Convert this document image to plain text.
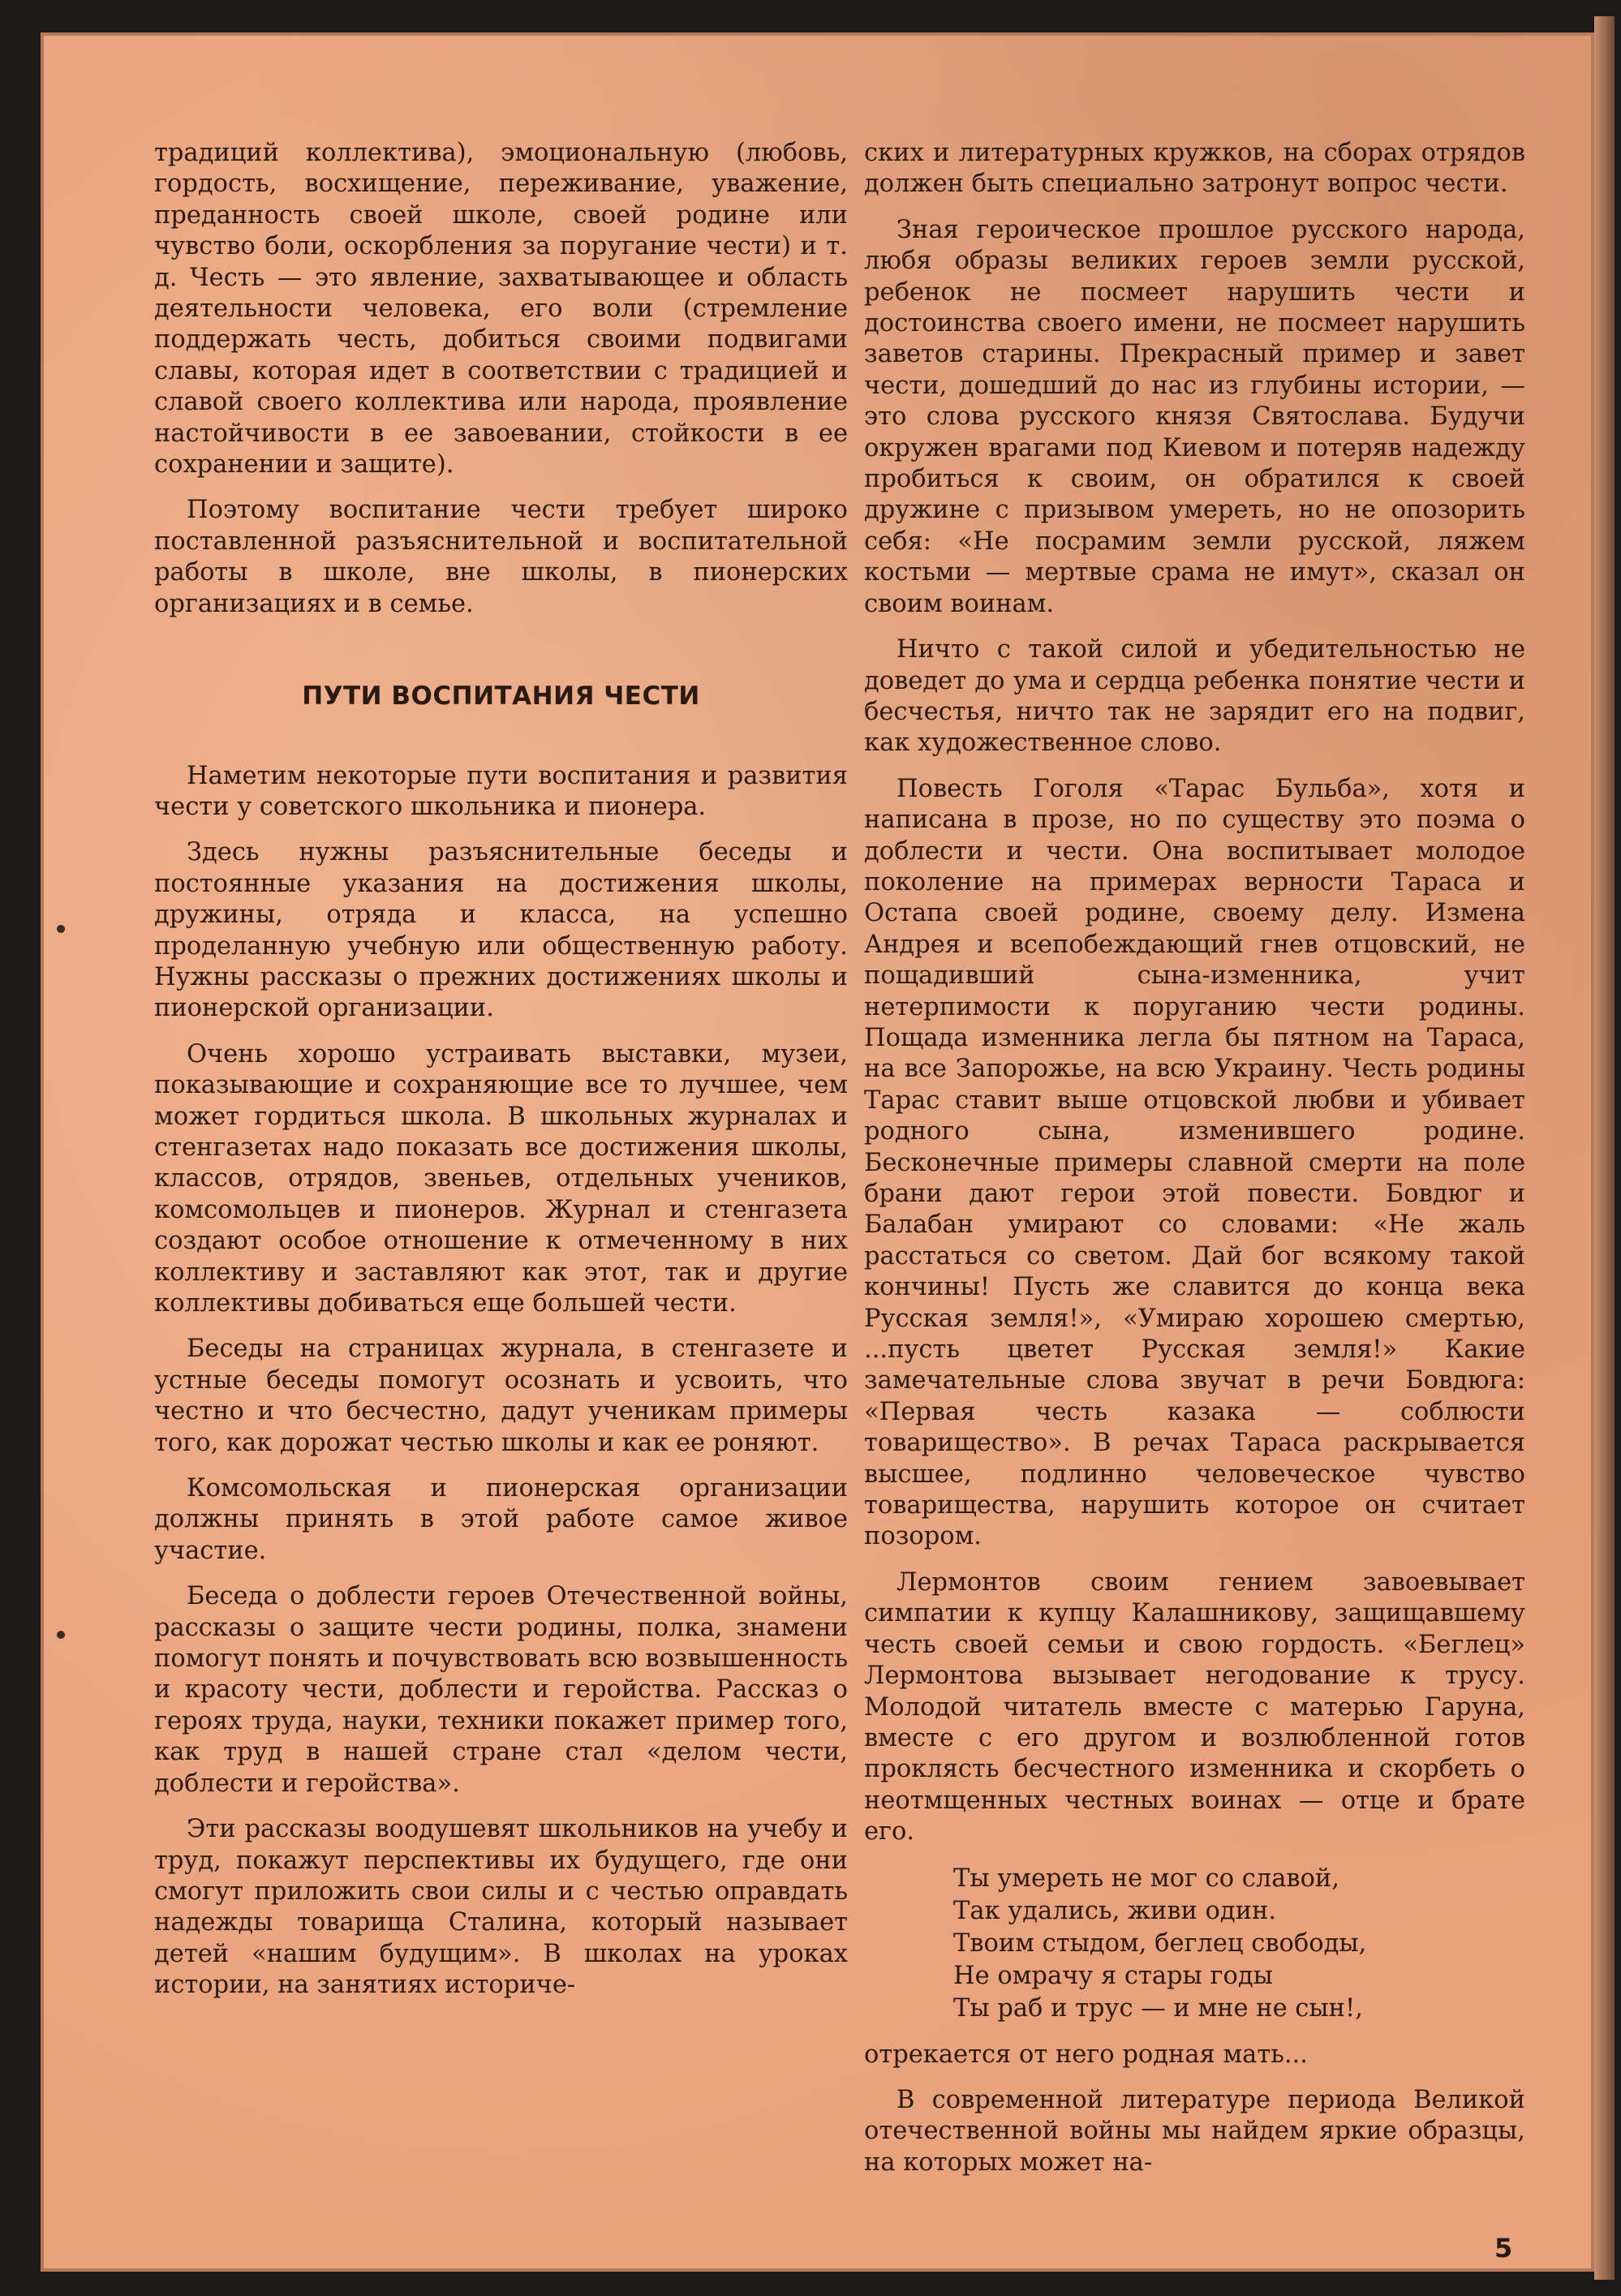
традиций коллектива), эмоциональную (любовь, гордость, восхищение, переживание, уважение, преданность своей школе, своей родине или чувство боли, оскорбления за поругание чести) и т. д. Честь — это явление, захватывающее и область деятельности человека, его воли (стремление поддержать честь, добиться своими подвигами славы, которая идет в соответствии с традицией и славой своего коллектива или народа, проявление настойчивости в ее завоевании, стойкости в ее сохранении и защите).

Поэтому воспитание чести требует широко поставленной разъяснительной и воспитательной работы в школе, вне школы, в пионерских организациях и в семье.

ПУТИ ВОСПИТАНИЯ ЧЕСТИ

Наметим некоторые пути воспитания и развития чести у советского школьника и пионера.

Здесь нужны разъяснительные беседы и постоянные указания на достижения школы, дружины, отряда и класса, на успешно проделанную учебную или общественную работу. Нужны рассказы о прежних достижениях школы и пионерской организации.

Очень хорошо устраивать выставки, музеи, показывающие и сохраняющие все то лучшее, чем может гордиться школа. В школьных журналах и стенгазетах надо показать все достижения школы, классов, отрядов, звеньев, отдельных учеников, комсомольцев и пионеров. Журнал и стенгазета создают особое отношение к отмеченному в них коллективу и заставляют как этот, так и другие коллективы добиваться еще большей чести.

Беседы на страницах журнала, в стенгазете и устные беседы помогут осознать и усвоить, что честно и что бесчестно, дадут ученикам примеры того, как дорожат честью школы и как ее роняют.

Комсомольская и пионерская организации должны принять в этой работе самое живое участие.

Беседа о доблести героев Отечественной войны, рассказы о защите чести родины, полка, знамени помогут понять и почувствовать всю возвышенность и красоту чести, доблести и геройства. Рассказ о героях труда, науки, техники покажет пример того, как труд в нашей стране стал «делом чести, доблести и геройства».

Эти рассказы воодушевят школьников на учебу и труд, покажут перспективы их будущего, где они смогут приложить свои силы и с честью оправдать надежды товарища Сталина, который называет детей «нашим будущим». В школах на уроках истории, на занятиях историче-

ских и литературных кружков, на сборах отрядов должен быть специально затронут вопрос чести.

Зная героическое прошлое русского народа, любя образы великих героев земли русской, ребенок не посмеет нарушить чести и достоинства своего имени, не посмеет нарушить заветов старины. Прекрасный пример и завет чести, дошедший до нас из глубины истории, — это слова русского князя Святослава. Будучи окружен врагами под Киевом и потеряв надежду пробиться к своим, он обратился к своей дружине с призывом умереть, но не опозорить себя: «Не посрамим земли русской, ляжем костьми — мертвые срама не имут», сказал он своим воинам.

Ничто с такой силой и убедительностью не доведет до ума и сердца ребенка понятие чести и бесчестья, ничто так не зарядит его на подвиг, как художественное слово.

Повесть Гоголя «Тарас Бульба», хотя и написана в прозе, но по существу это поэма о доблести и чести. Она воспитывает молодое поколение на примерах верности Тараса и Остапа своей родине, своему делу. Измена Андрея и всепобеждающий гнев отцовский, не пощадивший сына-изменника, учит нетерпимости к поруганию чести родины. Пощада изменника легла бы пятном на Тараса, на все Запорожье, на всю Украину. Честь родины Тарас ставит выше отцовской любви и убивает родного сына, изменившего родине. Бесконечные примеры славной смерти на поле брани дают герои этой повести. Бовдюг и Балабан умирают со словами: «Не жаль расстаться со светом. Дай бог всякому такой кончины! Пусть же славится до конца века Русская земля!», «Умираю хорошею смертью, ...пусть цветет Русская земля!» Какие замечательные слова звучат в речи Бовдюга: «Первая честь казака — соблюсти товарищество». В речах Тараса раскрывается высшее, подлинно человеческое чувство товарищества, нарушить которое он считает позором.

Лермонтов своим гением завоевывает симпатии к купцу Калашникову, защищавшему честь своей семьи и свою гордость. «Беглец» Лермонтова вызывает негодование к трусу. Молодой читатель вместе с матерью Гаруна, вместе с его другом и возлюбленной готов проклясть бесчестного изменника и скорбеть о неотмщенных честных воинах — отце и брате его.

Ты умереть не мог со славой,
Так удались, живи один.
Твоим стыдом, беглец свободы,
Не омрачу я стары годы
Ты раб и трус — и мне не сын!,

отрекается от него родная мать...

В современной литературе периода Великой отечественной войны мы найдем яркие образцы, на которых может на-

5
